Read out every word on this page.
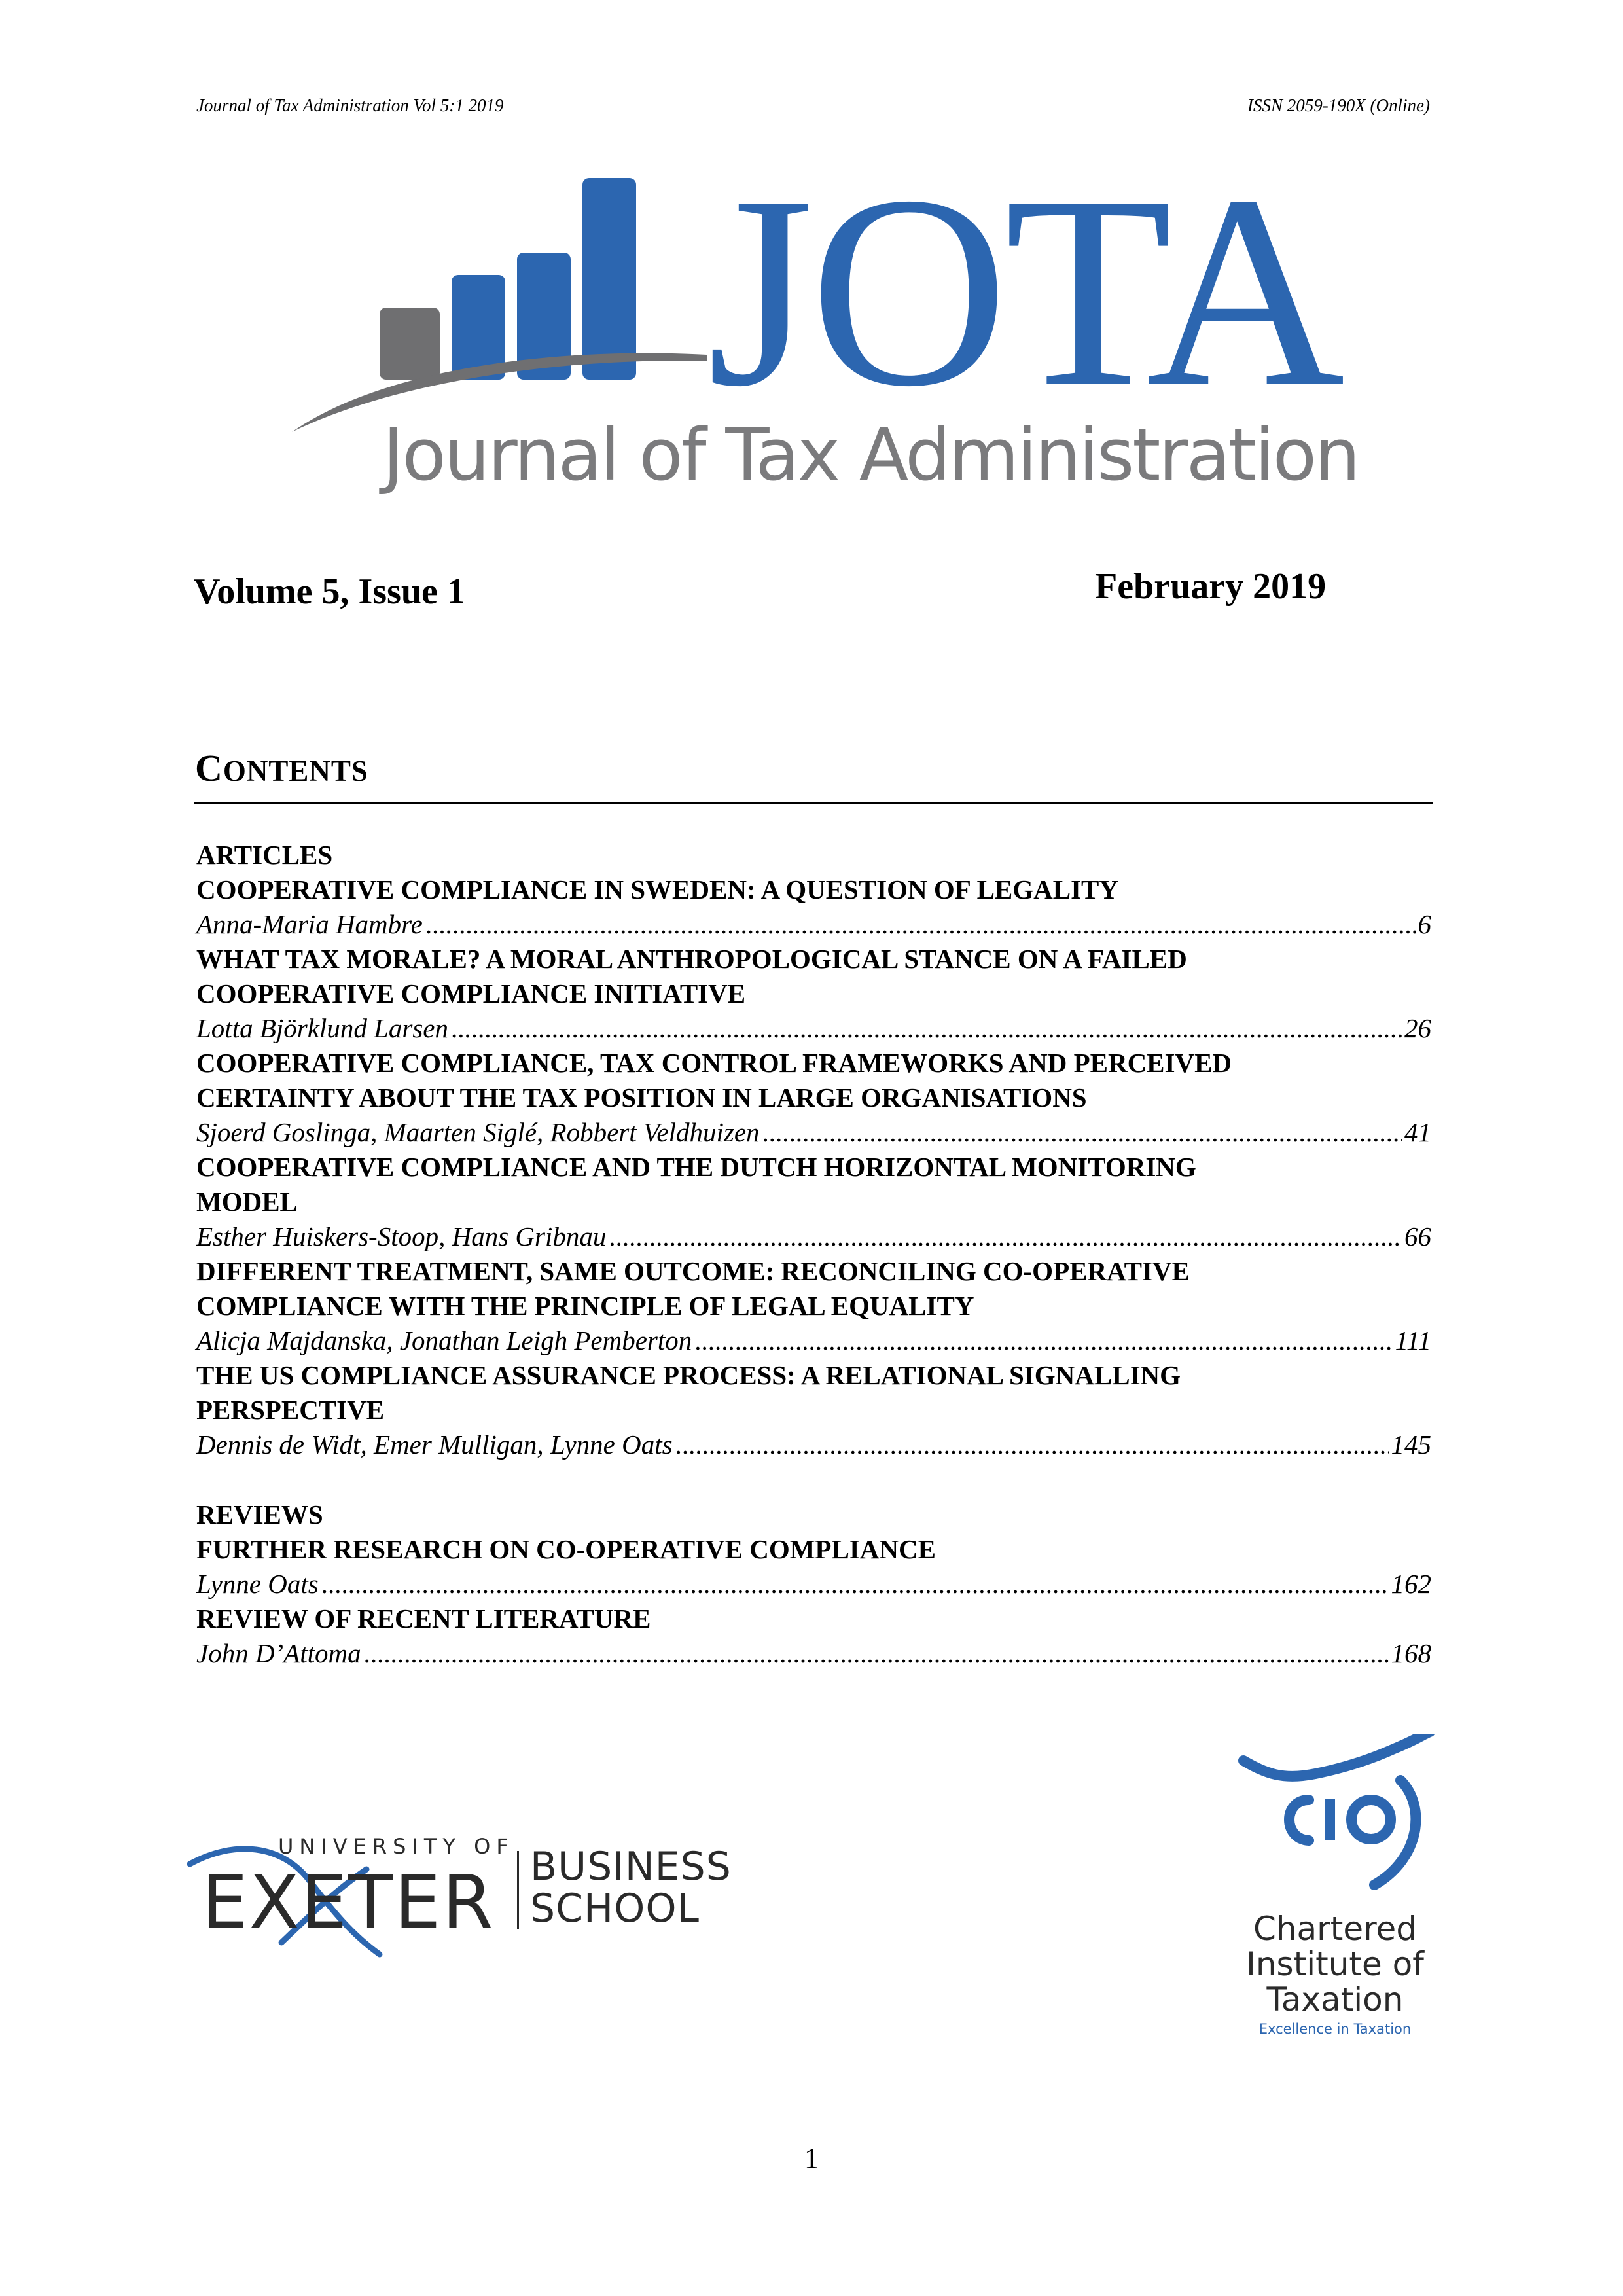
Journal of Tax Administration Vol 5:1 2019	ISSN 2059-190X (Online)
JOTA
Journal of Tax Administration
Volume 5, Issue 1	February 2019
CONTENTS
ARTICLES
COOPERATIVE COMPLIANCE IN SWEDEN: A QUESTION OF LEGALITY
Anna-Maria Hambre .....	6
WHAT TAX MORALE? A MORAL ANTHROPOLOGICAL STANCE ON A FAILED
COOPERATIVE COMPLIANCE INITIATIVE
Lotta Björklund Larsen .....	26
COOPERATIVE COMPLIANCE, TAX CONTROL FRAMEWORKS AND PERCEIVED
CERTAINTY ABOUT THE TAX POSITION IN LARGE ORGANISATIONS
Sjoerd Goslinga, Maarten Siglé, Robbert Veldhuizen .....	41
COOPERATIVE COMPLIANCE AND THE DUTCH HORIZONTAL MONITORING
MODEL
Esther Huiskers-Stoop, Hans Gribnau .....	66
DIFFERENT TREATMENT, SAME OUTCOME: RECONCILING CO-OPERATIVE
COMPLIANCE WITH THE PRINCIPLE OF LEGAL EQUALITY
Alicja Majdanska, Jonathan Leigh Pemberton .....	111
THE US COMPLIANCE ASSURANCE PROCESS: A RELATIONAL SIGNALLING
PERSPECTIVE
Dennis de Widt, Emer Mulligan, Lynne Oats .....	145
REVIEWS
FURTHER RESEARCH ON CO-OPERATIVE COMPLIANCE
Lynne Oats .....	162
REVIEW OF RECENT LITERATURE
John D’Attoma .....	168
UNIVERSITY OF
EXETER BUSINESS
SCHOOL	Chartered
Institute of
Taxation
Excellence in Taxation
1
